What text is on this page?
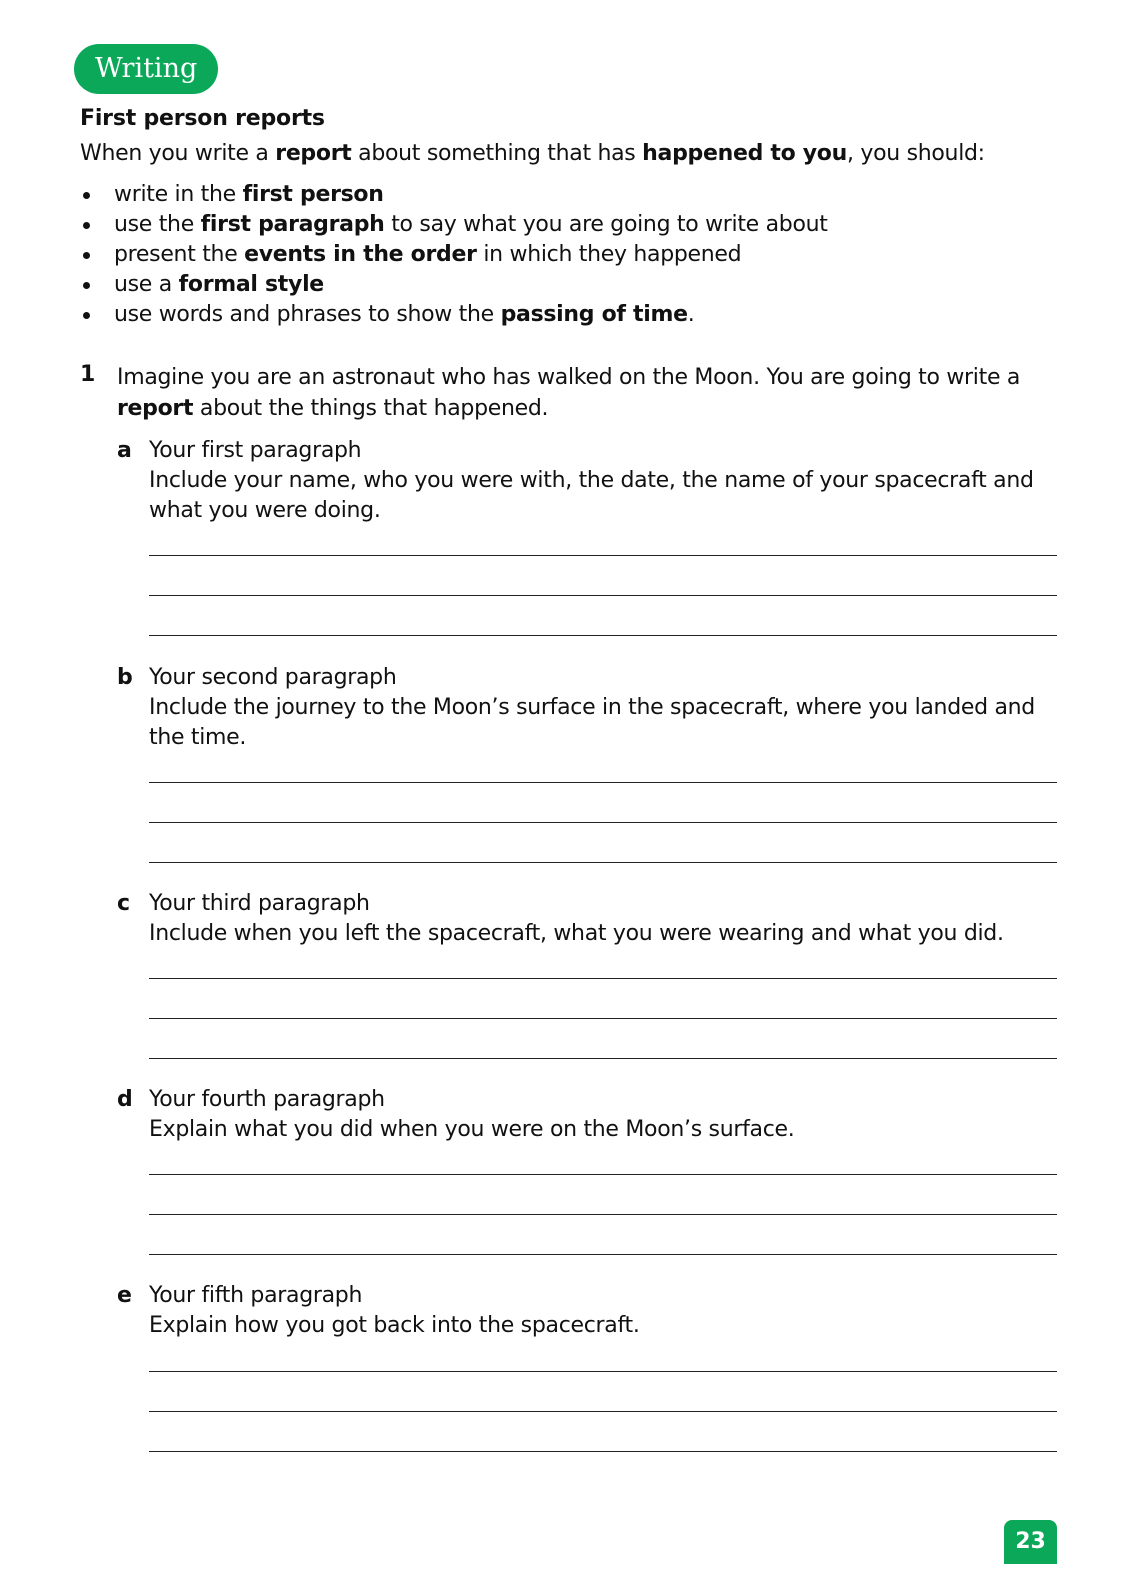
Writing
First person reports
When you write a report about something that has happened to you, you should:
write in the first person
use the first paragraph to say what you are going to write about
present the events in the order in which they happened
use a formal style
use words and phrases to show the passing of time.
1 Imagine you are an astronaut who has walked on the Moon. You are going to write a report about the things that happened.
a Your first paragraph
Include your name, who you were with, the date, the name of your spacecraft and what you were doing.
b Your second paragraph
Include the journey to the Moon’s surface in the spacecraft, where you landed and the time.
c Your third paragraph
Include when you left the spacecraft, what you were wearing and what you did.
d Your fourth paragraph
Explain what you did when you were on the Moon’s surface.
e Your fifth paragraph
Explain how you got back into the spacecraft.
23
